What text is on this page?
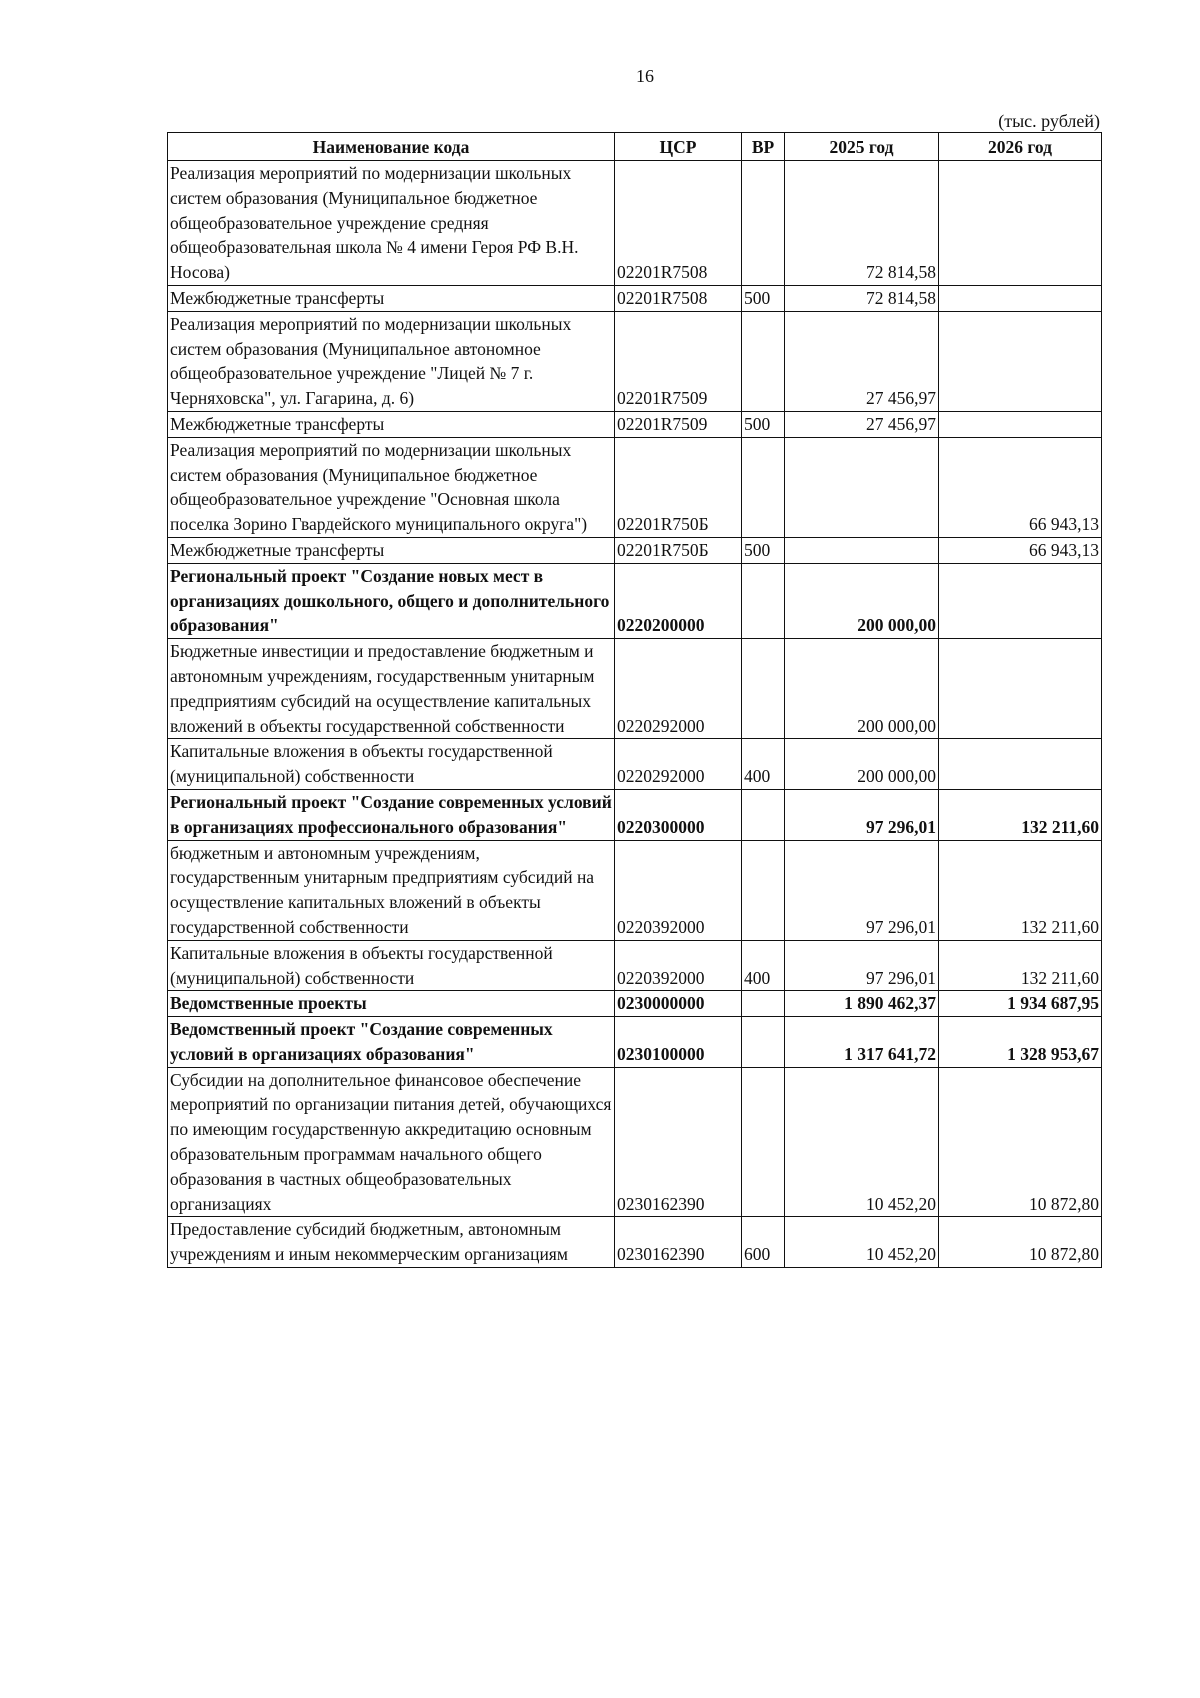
16
(тыс. рублей)
Наименование кода	ЦСР	ВР	2025 год	2026 год
Реализация мероприятий по модернизации школьных систем образования (Муниципальное бюджетное общеобразовательное учреждение средняя общеобразовательная школа № 4 имени Героя РФ В.Н. Носова)	02201R7508		72 814,58	
Межбюджетные трансферты	02201R7508	500	72 814,58	
Реализация мероприятий по модернизации школьных систем образования (Муниципальное автономное общеобразовательное учреждение "Лицей № 7 г. Черняховска", ул. Гагарина, д. 6)	02201R7509		27 456,97	
Межбюджетные трансферты	02201R7509	500	27 456,97	
Реализация мероприятий по модернизации школьных систем образования (Муниципальное бюджетное общеобразовательное учреждение "Основная школа поселка Зорино Гвардейского муниципального округа")	02201R750Б			66 943,13
Межбюджетные трансферты	02201R750Б	500		66 943,13
Региональный проект "Создание новых мест в организациях дошкольного, общего и дополнительного образования"	0220200000		200 000,00	
Бюджетные инвестиции и предоставление бюджетным и автономным учреждениям, государственным унитарным предприятиям субсидий на осуществление капитальных вложений в объекты государственной собственности	0220292000		200 000,00	
Капитальные вложения в объекты государственной (муниципальной) собственности	0220292000	400	200 000,00	
Региональный проект "Создание современных условий в организациях профессионального образования"	0220300000		97 296,01	132 211,60
бюджетным и автономным учреждениям, государственным унитарным предприятиям субсидий на осуществление капитальных вложений в объекты государственной собственности	0220392000		97 296,01	132 211,60
Капитальные вложения в объекты государственной (муниципальной) собственности	0220392000	400	97 296,01	132 211,60
Ведомственные проекты	0230000000		1 890 462,37	1 934 687,95
Ведомственный проект "Создание современных условий в организациях образования"	0230100000		1 317 641,72	1 328 953,67
Субсидии на дополнительное финансовое обеспечение мероприятий по организации питания детей, обучающихся по имеющим государственную аккредитацию основным образовательным программам начального общего образования в частных общеобразовательных организациях	0230162390		10 452,20	10 872,80
Предоставление субсидий бюджетным, автономным учреждениям и иным некоммерческим организациям	0230162390	600	10 452,20	10 872,80
